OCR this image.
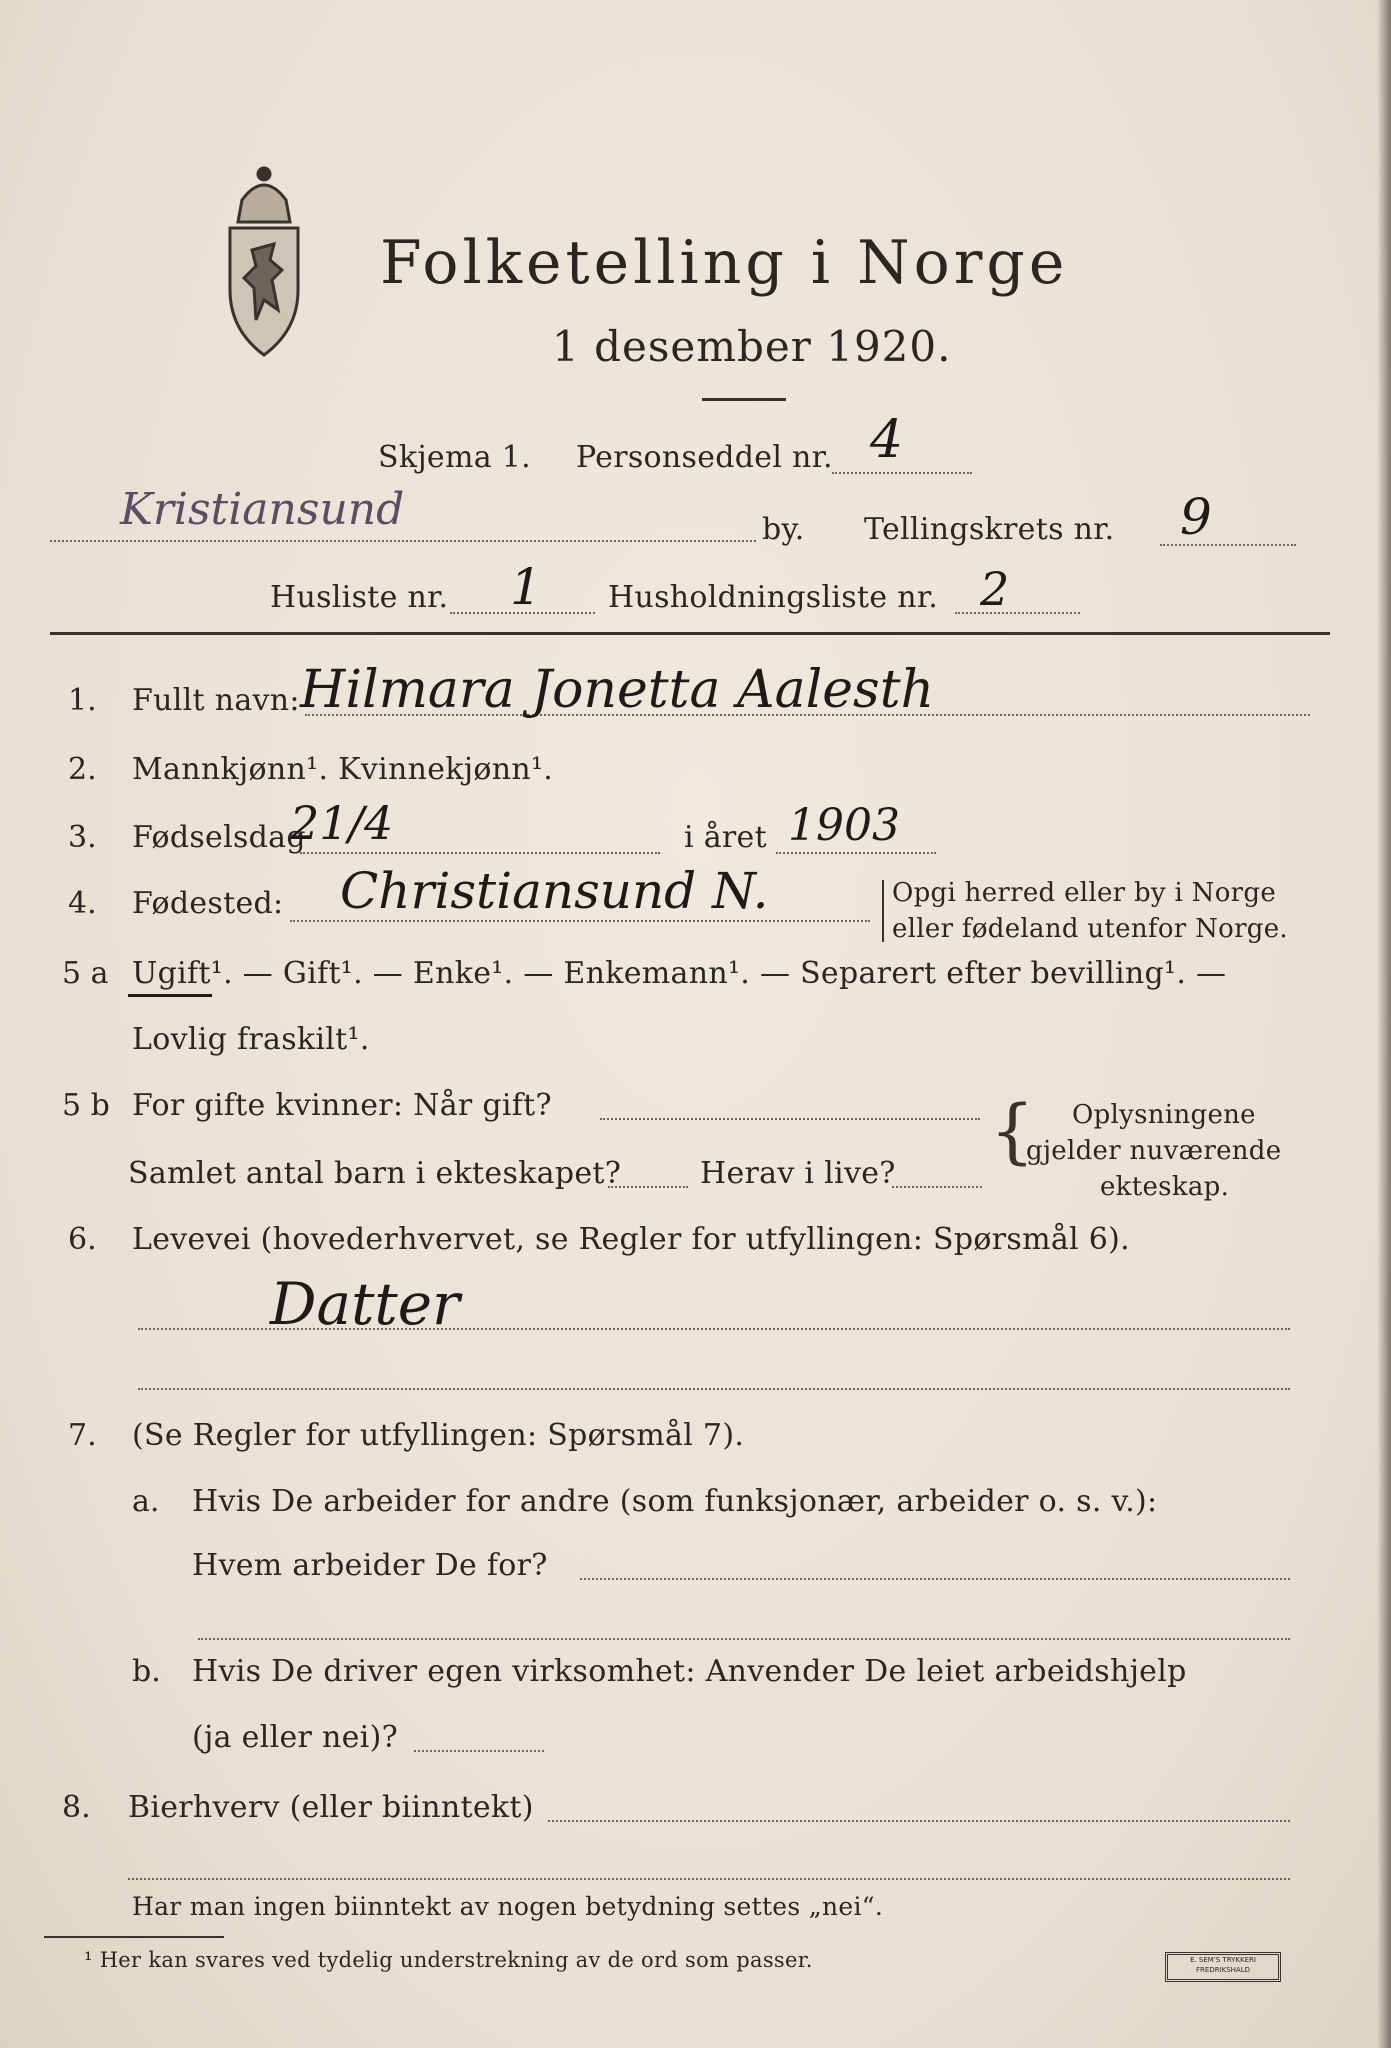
Folketelling i Norge
1 desember 1920.
Skjema 1. Personseddel nr. 4
Kristiansund	by. Tellingskrets nr. 9
Husliste nr. 1 Husholdningsliste nr. 2
1. Fullt navn: Hilmara Jonetta Aalesth
2. Mannkjønn¹. Kvinnekjønn¹.
3. Fødselsdag
21/4	i året 1903
4. Fødested: Christiansund N.	Opgi herred eller by i Norge
eller fødeland utenfor Norge.
5 a Ugift¹. — Gift¹. — Enke¹. — Enkemann¹. — Separert efter bevilling¹. —
Lovlig fraskilt¹.
5 b For gifte kvinner: Når gift?
Samlet antal barn i ekteskapet?	Herav i live?
{ Oplysningene
gjelder nuværende
ekteskap.
6. Levevei (hovederhvervet, se Regler for utfyllingen: Spørsmål 6).
Datter
7. (Se Regler for utfyllingen: Spørsmål 7).
a. Hvis De arbeider for andre (som funksjonær, arbeider o. s. v.):
Hvem arbeider De for?
b. Hvis De driver egen virksomhet: Anvender De leiet arbeidshjelp
(ja eller nei)?
8. Bierhverv (eller biinntekt)
Har man ingen biinntekt av nogen betydning settes „nei“.
¹ Her kan svares ved tydelig understrekning av de ord som passer.	E. SEM'S TRYKKERI FREDRIKSHALD
